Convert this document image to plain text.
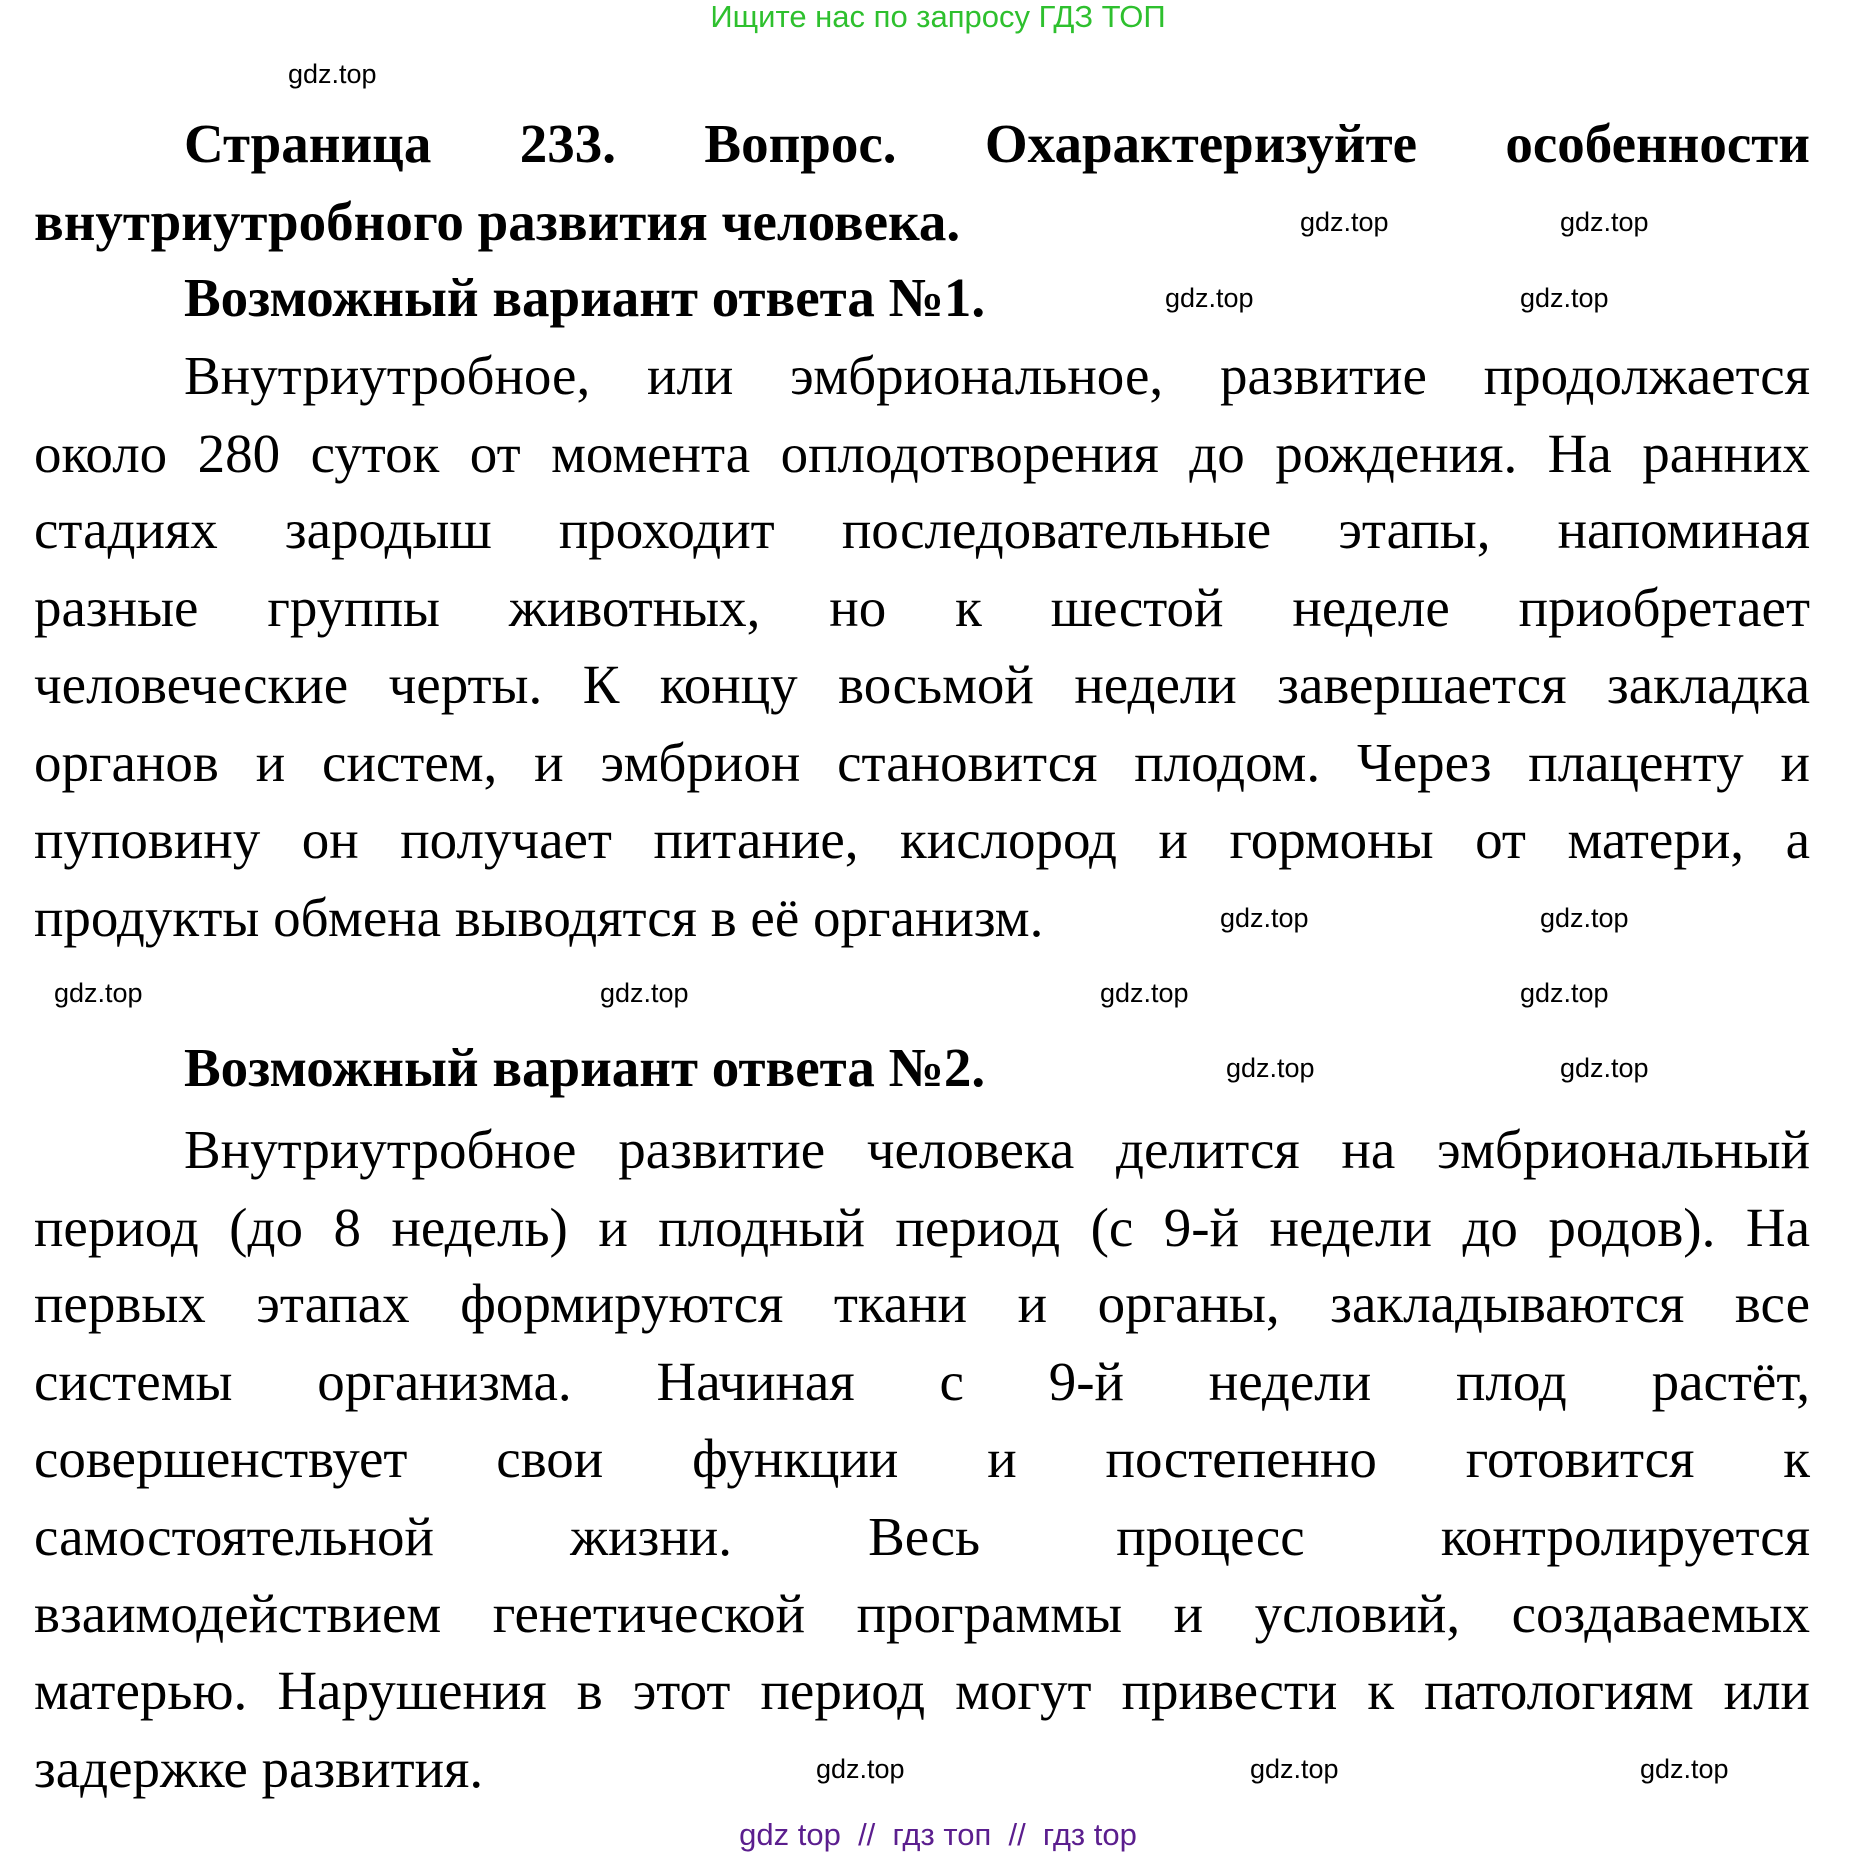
Ищите нас по запросу ГДЗ ТОП
Страница 233. Вопрос. Охарактеризуйте особенности
внутриутробного развития человека.
Возможный вариант ответа №1.
Внутриутробное, или эмбриональное, развитие продолжается
около 280 суток от момента оплодотворения до рождения. На ранних
стадиях зародыш проходит последовательные этапы, напоминая
разные группы животных, но к шестой неделе приобретает
человеческие черты. К концу восьмой недели завершается закладка
органов и систем, и эмбрион становится плодом. Через плаценту и
пуповину он получает питание, кислород и гормоны от матери, а
продукты обмена выводятся в её организм.
Возможный вариант ответа №2.
Внутриутробное развитие человека делится на эмбриональный
период (до 8 недель) и плодный период (с 9-й недели до родов). На
первых этапах формируются ткани и органы, закладываются все
системы организма. Начиная с 9-й недели плод растёт,
совершенствует свои функции и постепенно готовится к
самостоятельной жизни. Весь процесс контролируется
взаимодействием генетической программы и условий, создаваемых
матерью. Нарушения в этот период могут привести к патологиям или
задержке развития.
gdz top  //  гдз топ  //  гдз top
gdz.top
gdz.top	gdz.top
gdz.top	gdz.top
gdz.top	gdz.top
gdz.top	gdz.top	gdz.top	gdz.top
gdz.top	gdz.top
gdz.top	gdz.top	gdz.top
